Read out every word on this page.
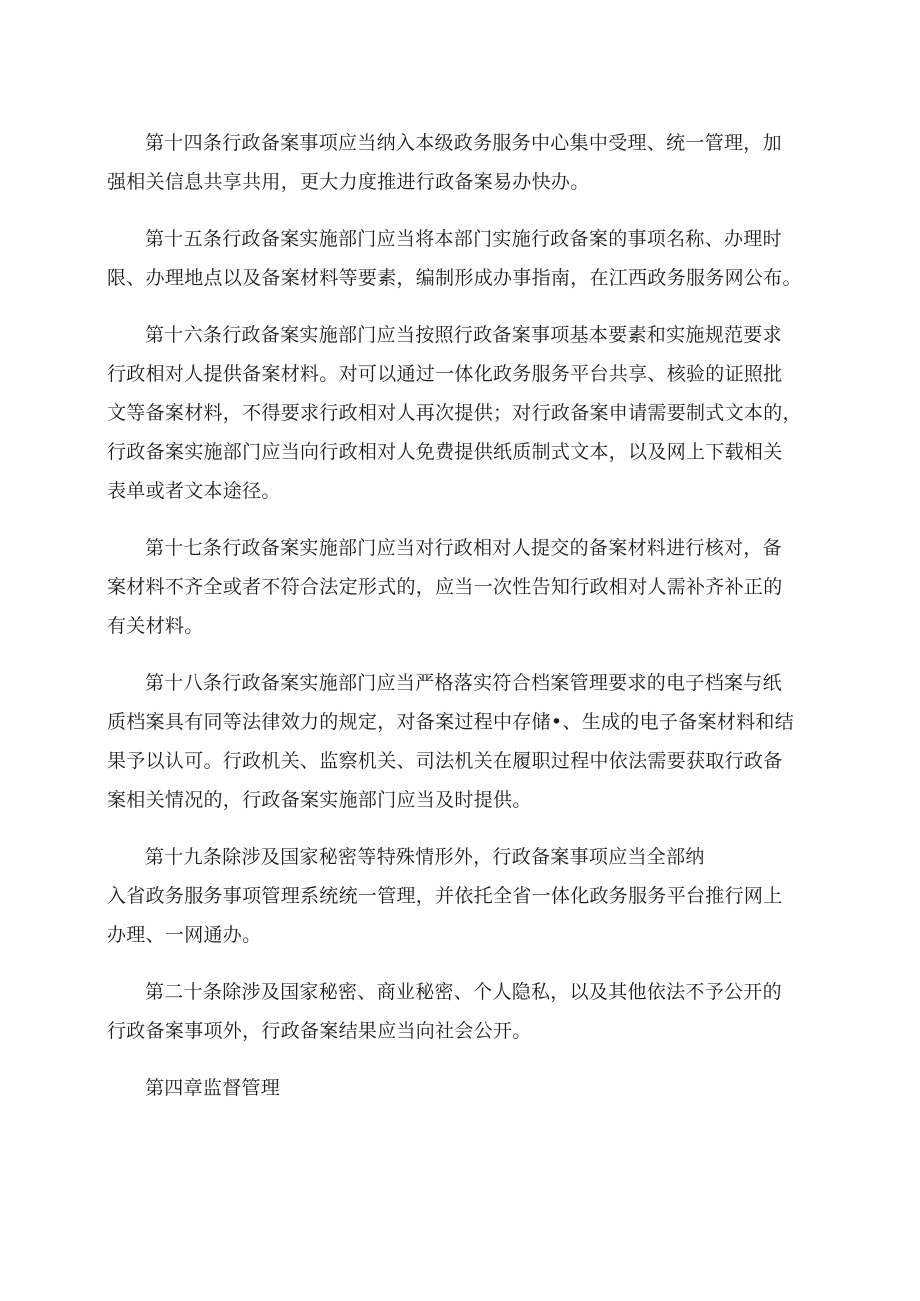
第十四条行政备案事项应当纳入本级政务服务中心集中受理、统一管理，加
强相关信息共享共用，更大力度推进行政备案易办快办。

第十五条行政备案实施部门应当将本部门实施行政备案的事项名称、办理时
限、办理地点以及备案材料等要素，编制形成办事指南，在江西政务服务网公布。

第十六条行政备案实施部门应当按照行政备案事项基本要素和实施规范要求
行政相对人提供备案材料。对可以通过一体化政务服务平台共享、核验的证照批
文等备案材料，不得要求行政相对人再次提供；对行政备案申请需要制式文本的，
行政备案实施部门应当向行政相对人免费提供纸质制式文本，以及网上下载相关
表单或者文本途径。

第十七条行政备案实施部门应当对行政相对人提交的备案材料进行核对，备
案材料不齐全或者不符合法定形式的，应当一次性告知行政相对人需补齐补正的
有关材料。

第十八条行政备案实施部门应当严格落实符合档案管理要求的电子档案与纸
质档案具有同等法律效力的规定，对备案过程中存储•、生成的电子备案材料和结
果予以认可。行政机关、监察机关、司法机关在履职过程中依法需要获取行政备
案相关情况的，行政备案实施部门应当及时提供。

第十九条除涉及国家秘密等特殊情形外，行政备案事项应当全部纳
入省政务服务事项管理系统统一管理，并依托全省一体化政务服务平台推行网上
办理、一网通办。

第二十条除涉及国家秘密、商业秘密、个人隐私，以及其他依法不予公开的
行政备案事项外，行政备案结果应当向社会公开。

第四章监督管理
